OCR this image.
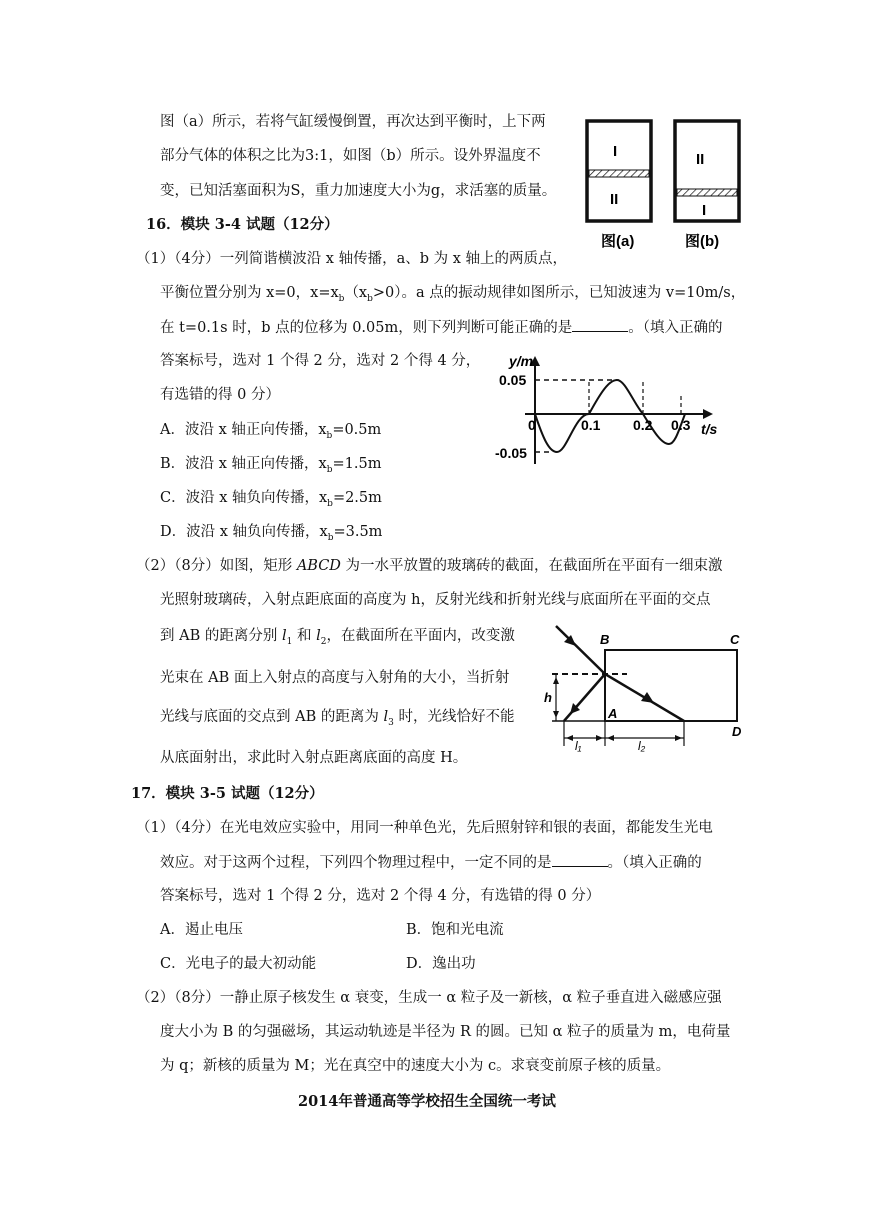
图（a）所示，若将气缸缓慢倒置，再次达到平衡时，上下两
部分气体的体积之比为3:1，如图（b）所示。设外界温度不
变，已知活塞面积为S，重力加速度大小为g，求活塞的质量。
I
II
II
I
图(a)	图(b)
16．模块 3-4 试题（12分）
（1）（4分）一列简谐横波沿 x 轴传播，a、b 为 x 轴上的两质点，
平衡位置分别为 x=0，$x=x_b(x_b>0)$。a 点的振动规律如图所示，已知波速为 v=10m/s，
在 t=0.1s 时，b 点的位移为 0.05m，则下列判断可能正确的是	。（填入正确的
答案标号，选对 1 个得 2 分，选对 2 个得 4 分，
有选错的得 0 分）
A．波沿 x 轴正向传播，$x_b=0.5m$
B．波沿 x 轴正向传播，$x_b=1.5m$
C．波沿 x 轴负向传播，$x_b=2.5m$
D．波沿 x 轴负向传播，$x_b=3.5m$
y/m
0.05
-0.05
0	0.1 0.2 0.3 t/s
（2）（8分）如图，矩形 ABCD 为一水平放置的玻璃砖的截面，在截面所在平面有一细束激
光照射玻璃砖，入射点距底面的高度为 h，反射光线和折射光线与底面所在平面的交点
到 AB 的距离分别 $l_1$ 和 $l_2$，在截面所在平面内，改变激
光束在 AB 面上入射点的高度与入射角的大小，当折射
光线与底面的交点到 AB 的距离为 $l_3$ 时，光线恰好不能
从底面射出，求此时入射点距离底面的高度 H。
B	C
A
D
h
l₁	l₂
17．模块 3-5 试题（12分）
（1）（4分）在光电效应实验中，用同一种单色光，先后照射锌和银的表面，都能发生光电
效应。对于这两个过程，下列四个物理过程中，一定不同的是	。（填入正确的
答案标号，选对 1 个得 2 分，选对 2 个得 4 分，有选错的得 0 分）
A．遏止电压	B．饱和光电流
C．光电子的最大初动能	D．逸出功
（2）（8分）一静止原子核发生 α 衰变，生成一 α 粒子及一新核，α 粒子垂直进入磁感应强
度大小为 B 的匀强磁场，其运动轨迹是半径为 R 的圆。已知 α 粒子的质量为 m，电荷量
为 q；新核的质量为 M；光在真空中的速度大小为 c。求衰变前原子核的质量。
2014年普通高等学校招生全国统一考试
